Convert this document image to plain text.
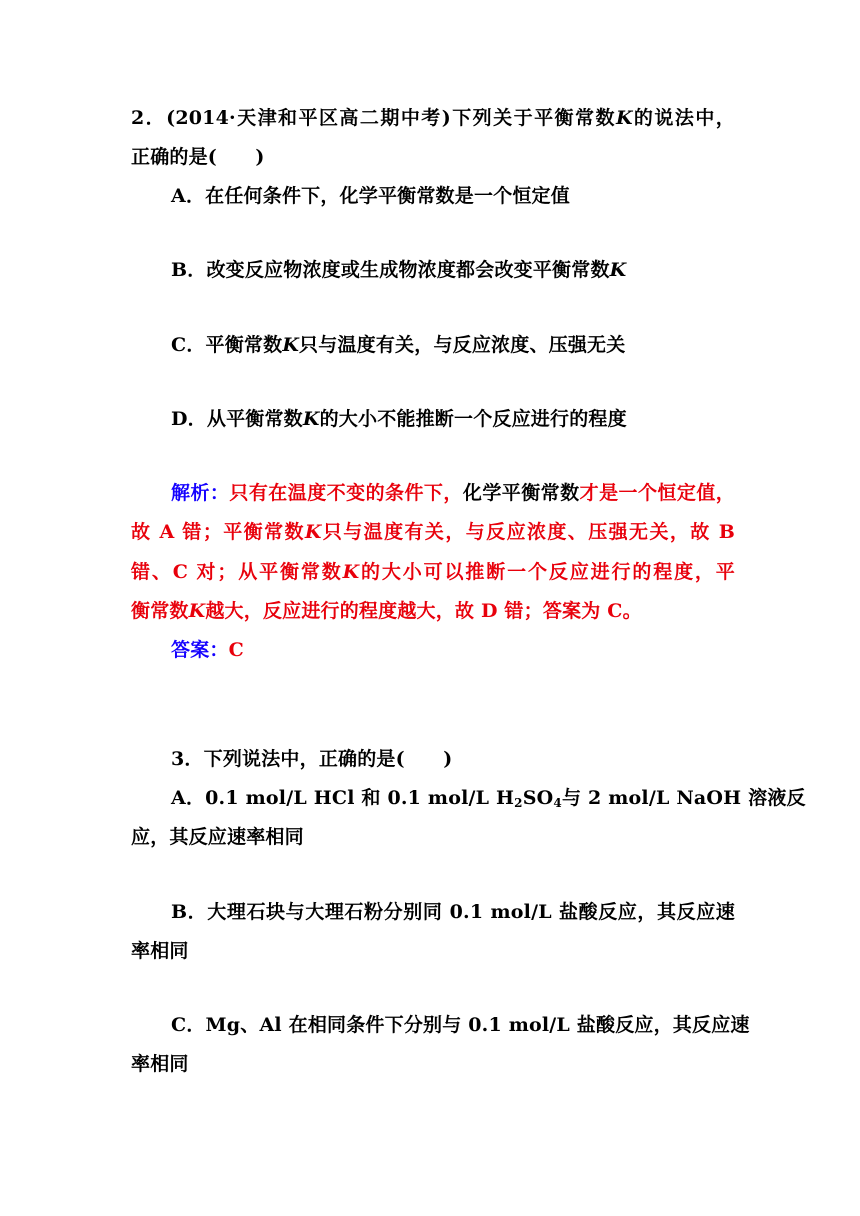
2．(2014·天津和平区高二期中考)下列关于平衡常数K的说法中，
正确的是(　　)
A．在任何条件下，化学平衡常数是一个恒定值
B．改变反应物浓度或生成物浓度都会改变平衡常数K
C．平衡常数K只与温度有关，与反应浓度、压强无关
D．从平衡常数K的大小不能推断一个反应进行的程度
解析：只有在温度不变的条件下，化学平衡常数才是一个恒定值，
故 A 错；平衡常数K只与温度有关，与反应浓度、压强无关，故 B
错、C 对；从平衡常数K的大小可以推断一个反应进行的程度，平
衡常数K越大，反应进行的程度越大，故 D 错；答案为 C。
答案：C
3．下列说法中，正确的是(　　)
A．0.1 mol/L HCl 和 0.1 mol/L $H_2SO_4$与 2 mol/L NaOH 溶液反
应，其反应速率相同
B．大理石块与大理石粉分别同 0.1 mol/L 盐酸反应，其反应速
率相同
C．Mg、Al 在相同条件下分别与 0.1 mol/L 盐酸反应，其反应速
率相同
